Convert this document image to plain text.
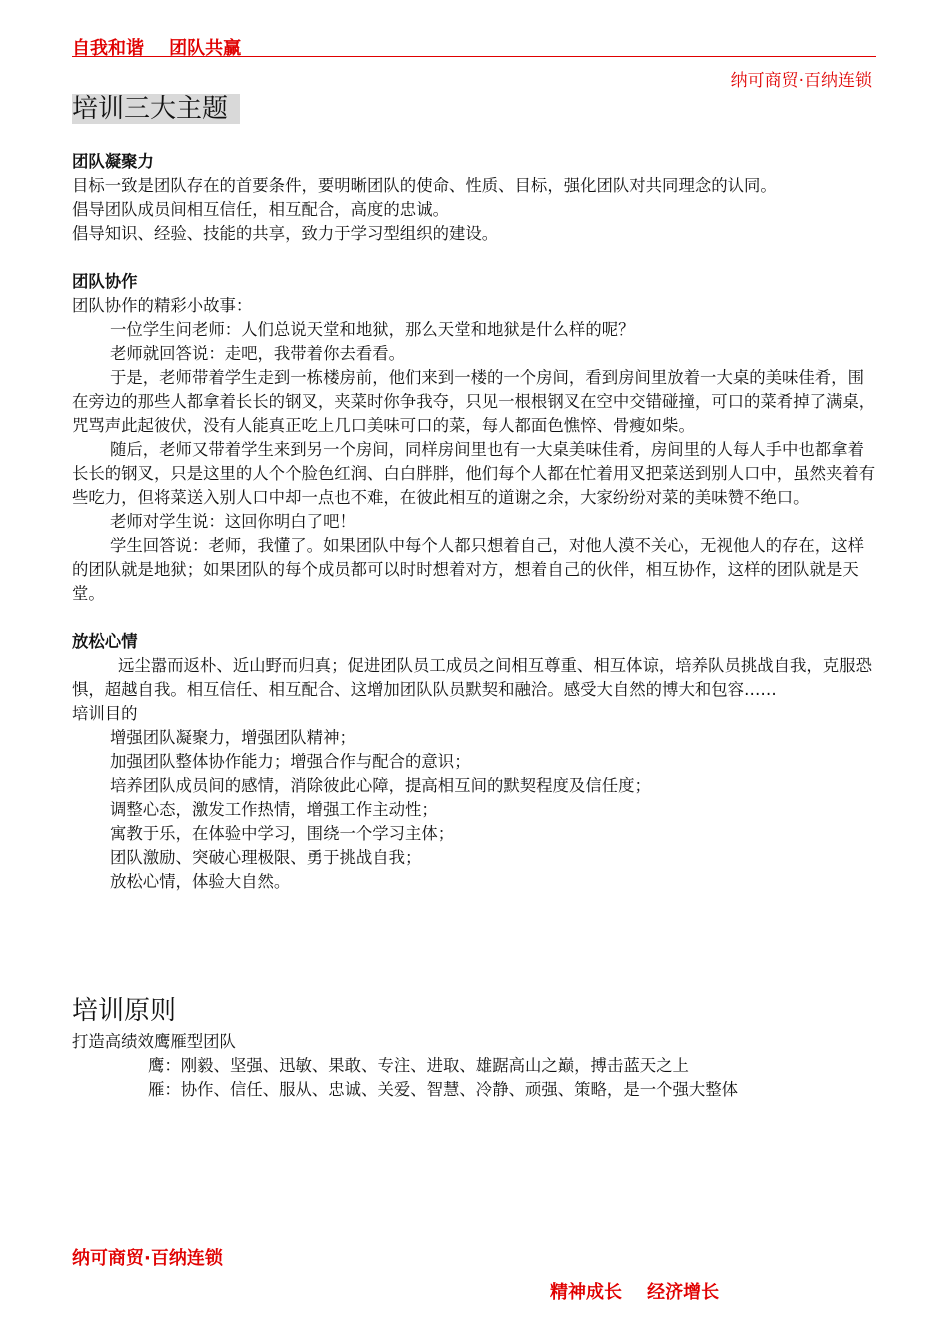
自我和谐    团队共赢
纳可商贸·百纳连锁
培训三大主题
团队凝聚力

目标一致是团队存在的首要条件，要明晰团队的使命、性质、目标，强化团队对共同理念的认同。

倡导团队成员间相互信任，相互配合，高度的忠诚。

倡导知识、经验、技能的共享，致力于学习型组织的建设。

团队协作

团队协作的精彩小故事：

一位学生问老师：人们总说天堂和地狱，那么天堂和地狱是什么样的呢？

老师就回答说：走吧，我带着你去看看。

于是，老师带着学生走到一栋楼房前，他们来到一楼的一个房间，看到房间里放着一大桌的美味佳肴，围在旁边的那些人都拿着长长的钢叉，夹菜时你争我夺，只见一根根钢叉在空中交错碰撞，可口的菜肴掉了满桌，咒骂声此起彼伏，没有人能真正吃上几口美味可口的菜，每人都面色憔悴、骨瘦如柴。

随后，老师又带着学生来到另一个房间，同样房间里也有一大桌美味佳肴，房间里的人每人手中也都拿着长长的钢叉，只是这里的人个个脸色红润、白白胖胖，他们每个人都在忙着用叉把菜送到别人口中，虽然夹着有些吃力，但将菜送入别人口中却一点也不难，在彼此相互的道谢之余，大家纷纷对菜的美味赞不绝口。

老师对学生说：这回你明白了吧！

学生回答说：老师，我懂了。如果团队中每个人都只想着自己，对他人漠不关心，无视他人的存在，这样的团队就是地狱；如果团队的每个成员都可以时时想着对方，想着自己的伙伴，相互协作，这样的团队就是天堂。

放松心情

远尘嚣而返朴、近山野而归真；促进团队员工成员之间相互尊重、相互体谅，培养队员挑战自我，克服恐惧，超越自我。相互信任、相互配合、这增加团队队员默契和融洽。感受大自然的博大和包容……

培训目的

增强团队凝聚力，增强团队精神；

加强团队整体协作能力；增强合作与配合的意识；

培养团队成员间的感情，消除彼此心障，提高相互间的默契程度及信任度；

调整心态，激发工作热情，增强工作主动性；

寓教于乐，在体验中学习，围绕一个学习主体；

团队激励、突破心理极限、勇于挑战自我；

放松心情，体验大自然。

培训原则

打造高绩效鹰雁型团队

鹰：刚毅、坚强、迅敏、果敢、专注、进取、雄踞高山之巅，搏击蓝天之上

雁：协作、信任、服从、忠诚、关爱、智慧、冷静、顽强、策略，是一个强大整体

纳可商贸·百纳连锁
精神成长    经济增长
